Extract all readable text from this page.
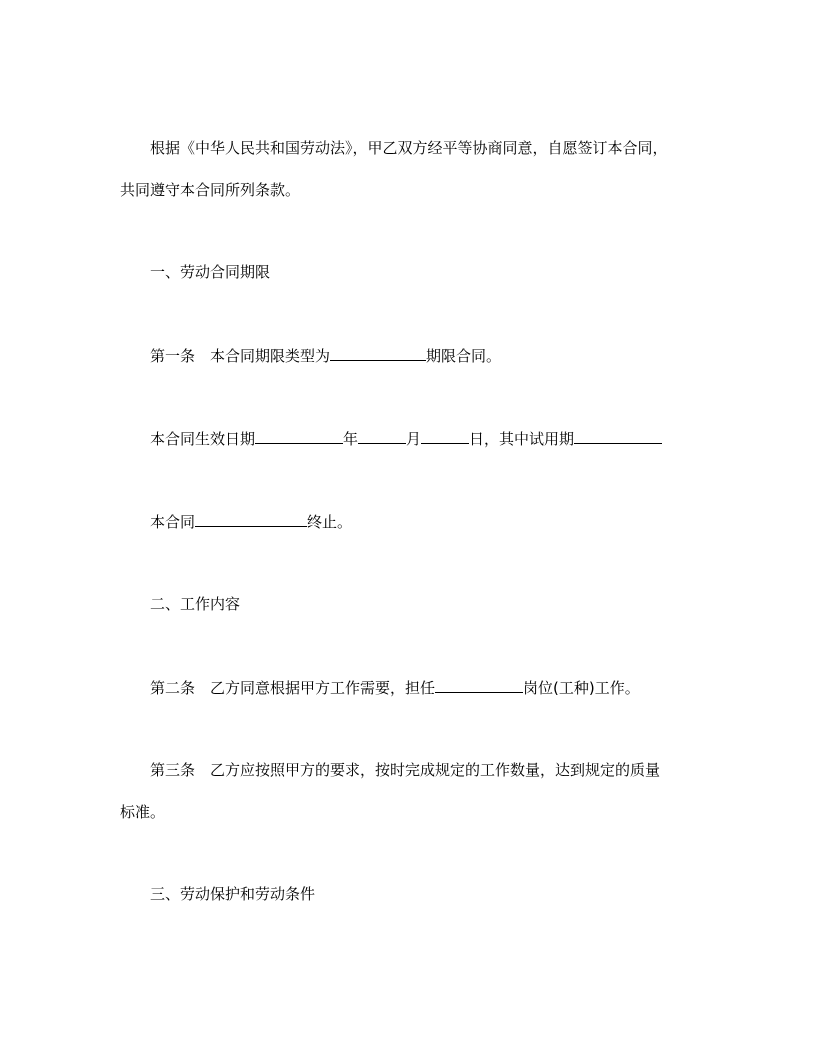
根据《中华人民共和国劳动法》，甲乙双方经平等协商同意，自愿签订本合同，
共同遵守本合同所列条款。
一、劳动合同期限
第一条　本合同期限类型为	期限合同。
本合同生效日期	年	月	日，其中试用期
本合同	终止。
二、工作内容
第二条　乙方同意根据甲方工作需要，担任	岗位(工种)工作。
第三条　乙方应按照甲方的要求，按时完成规定的工作数量，达到规定的质量
标准。
三、劳动保护和劳动条件
